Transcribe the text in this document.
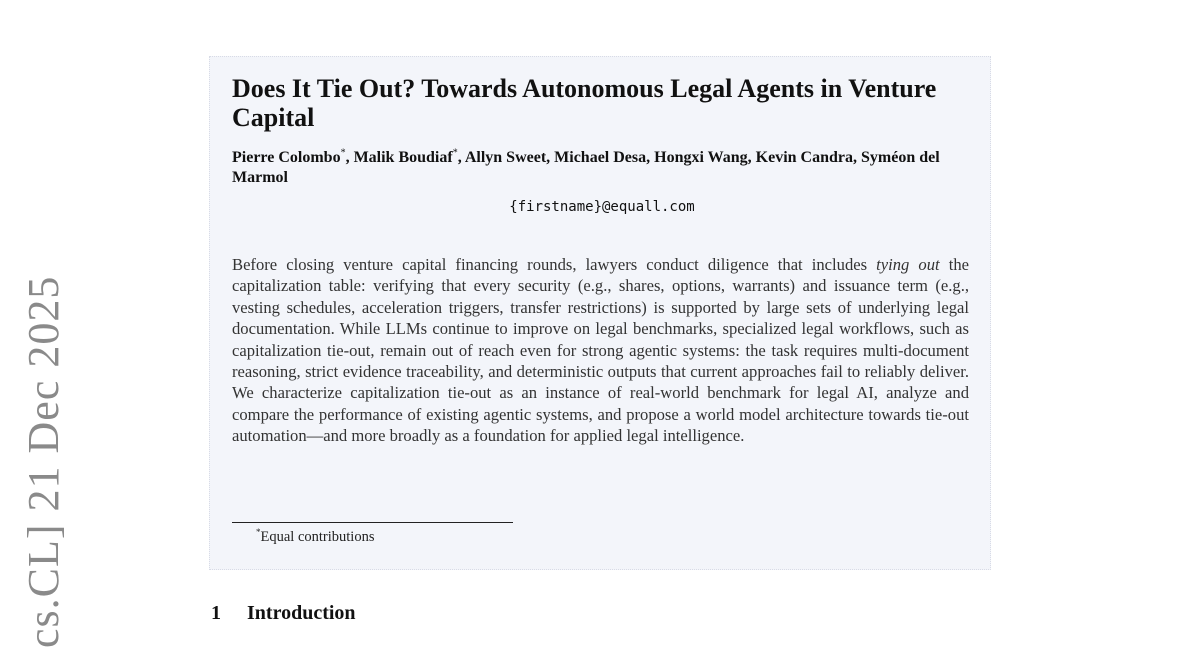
cs.CL] 21 Dec 2025
Does It Tie Out? Towards Autonomous Legal Agents in Venture Capital

Pierre Colombo*, Malik Boudiaf*, Allyn Sweet, Michael Desa, Hongxi Wang, Kevin Candra, Syméon del Marmol

{firstname}@equall.com

Before closing venture capital financing rounds, lawyers conduct diligence that includes tying out the capitalization table: verifying that every security (e.g., shares, options, warrants) and issuance term (e.g., vesting schedules, acceleration triggers, transfer restrictions) is supported by large sets of underlying legal documentation. While LLMs continue to improve on legal benchmarks, specialized legal workflows, such as capitalization tie-out, remain out of reach even for strong agentic systems: the task requires multi-document reasoning, strict evidence traceability, and deterministic outputs that current approaches fail to reliably deliver. We characterize capitalization tie-out as an instance of real-world benchmark for legal AI, analyze and compare the performance of existing agentic systems, and propose a world model architecture towards tie-out automation—and more broadly as a foundation for applied legal intelligence.

*Equal contributions
1 Introduction
